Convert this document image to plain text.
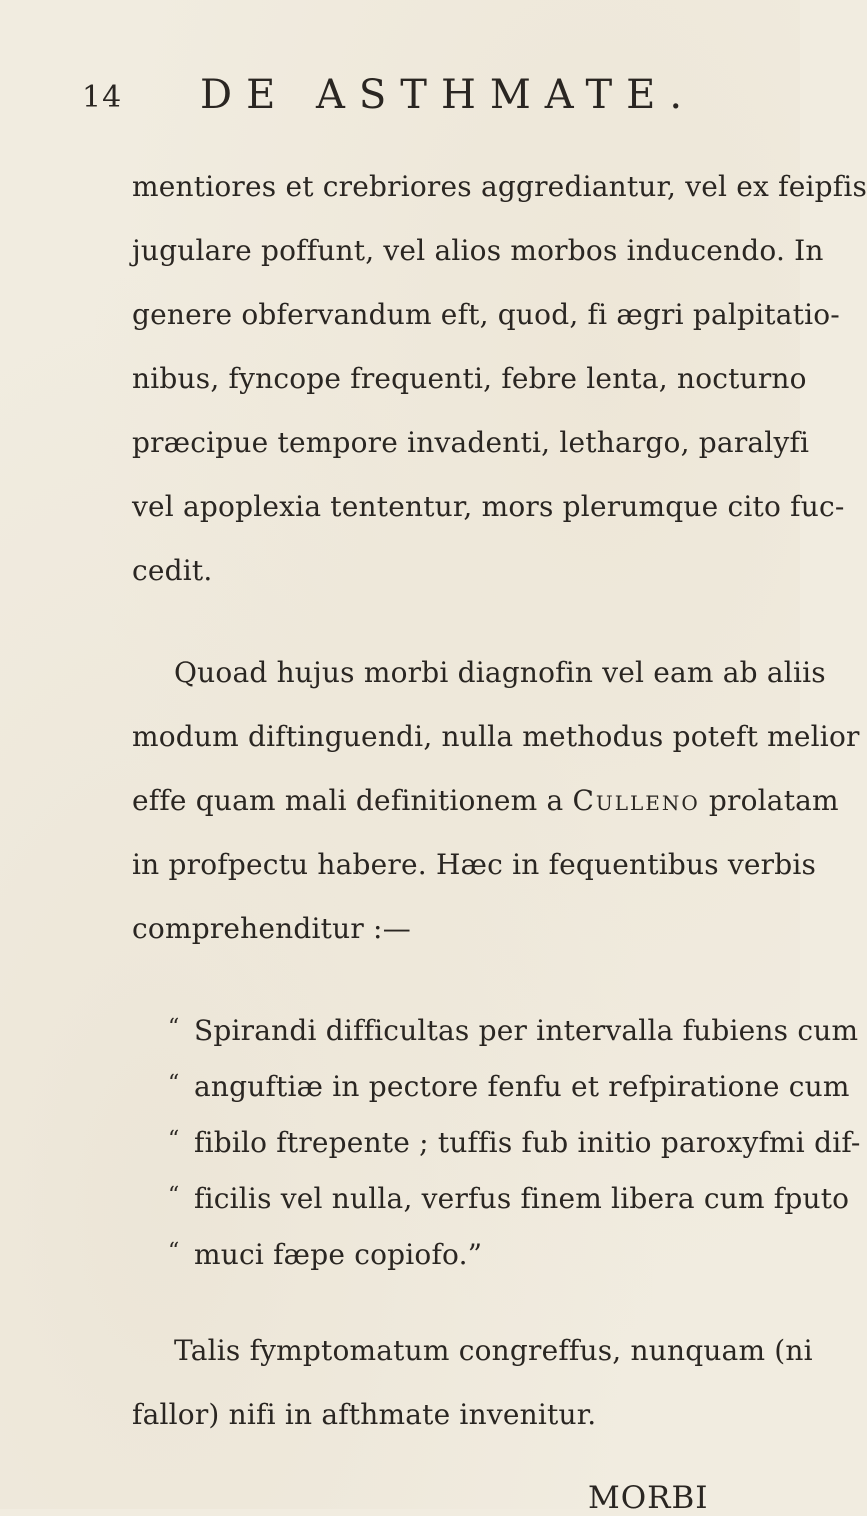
14 DE ASTHMATE.
mentiores et crebriores aggrediantur, vel ex feipfis
jugulare poffunt, vel alios morbos inducendo. In
genere obfervandum eft, quod, fi ægri palpitatio-
nibus, fyncope frequenti, febre lenta, nocturno
præcipue tempore invadenti, lethargo, paralyfi
vel apoplexia tententur, mors plerumque cito fuc-
cedit.
Quoad hujus morbi diagnofin vel eam ab aliis
modum diftinguendi, nulla methodus poteft melior
effe quam mali definitionem a Culleno prolatam
in profpectu habere. Hæc in fequentibus verbis
comprehenditur :—
“ Spirandi difficultas per intervalla fubiens cum
“ anguftiæ in pectore fenfu et refpiratione cum
“ fibilo ftrepente ; tuffis fub initio paroxyfmi dif-
“ ficilis vel nulla, verfus finem libera cum fputo
“ muci fæpe copiofo.”
Talis fymptomatum congreffus, nunquam (ni
fallor) nifi in afthmate invenitur.
MORBI
